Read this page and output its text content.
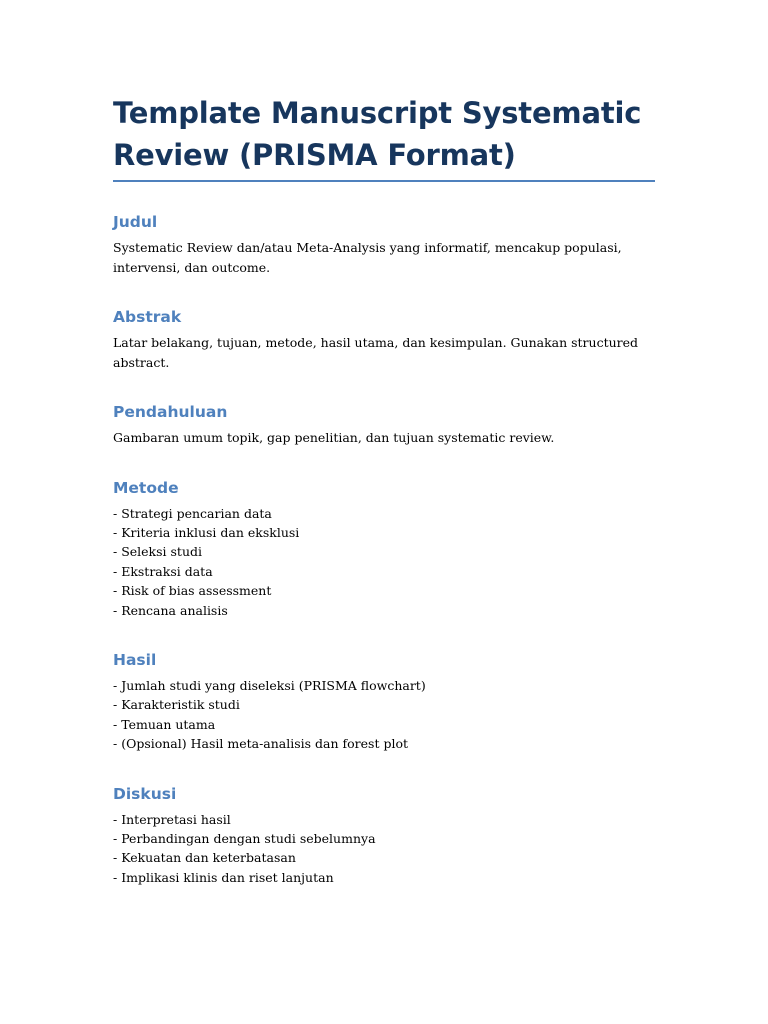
Template Manuscript Systematic Review (PRISMA Format)
Judul

Systematic Review dan/atau Meta-Analysis yang informatif, mencakup populasi, intervensi, dan outcome.

Abstrak

Latar belakang, tujuan, metode, hasil utama, dan kesimpulan. Gunakan structured abstract.

Pendahuluan

Gambaran umum topik, gap penelitian, dan tujuan systematic review.

Metode
- Strategi pencarian data
- Kriteria inklusi dan eksklusi
- Seleksi studi
- Ekstraksi data
- Risk of bias assessment
- Rencana analisis
Hasil
- Jumlah studi yang diseleksi (PRISMA flowchart)
- Karakteristik studi
- Temuan utama
- (Opsional) Hasil meta-analisis dan forest plot
Diskusi
- Interpretasi hasil
- Perbandingan dengan studi sebelumnya
- Kekuatan dan keterbatasan
- Implikasi klinis dan riset lanjutan
